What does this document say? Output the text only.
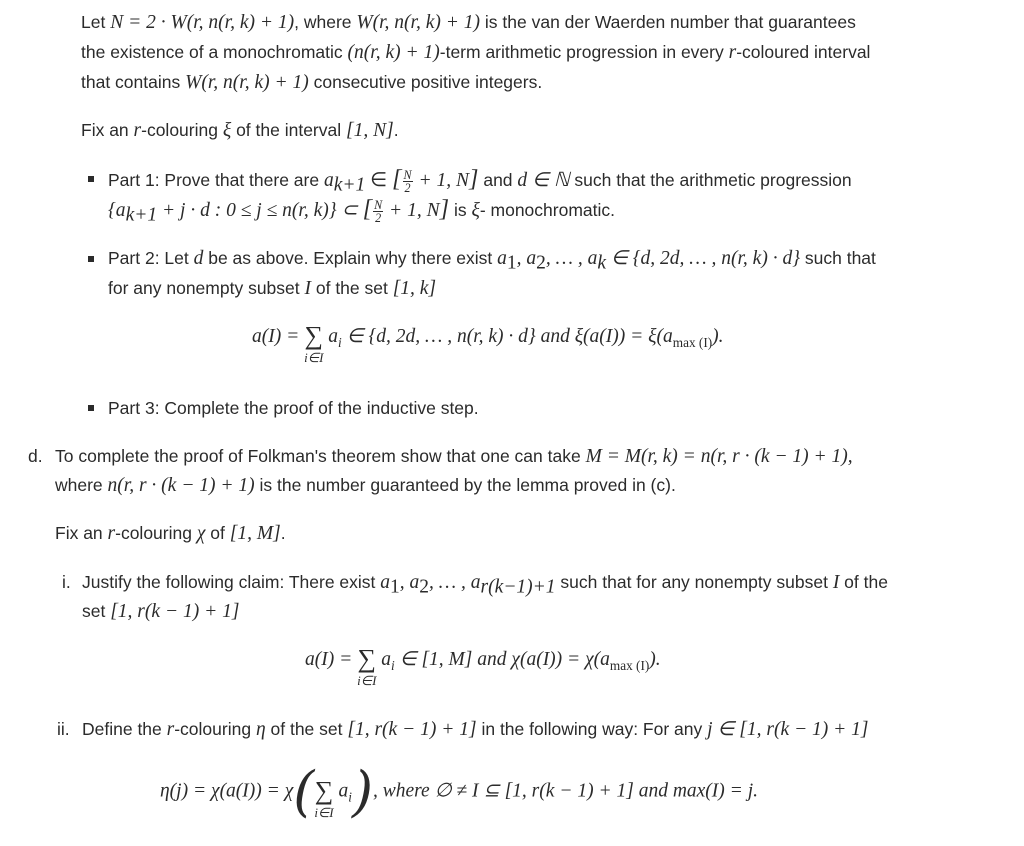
Let N = 2 · W(r, n(r, k) + 1), where W(r, n(r, k) + 1) is the van der Waerden number that guarantees
the existence of a monochromatic (n(r, k) + 1)-term arithmetic progression in every r-coloured interval
that contains W(r, n(r, k) + 1) consecutive positive integers.
Fix an r-colouring ξ of the interval [1, N].
Part 1: Prove that there are $a_{k+1}$ ∈ [ $\frac{N}{2} + 1$, N] and d ∈ ℕ such that the arithmetic progression
{$a_{k+1} + j \cdot d$ : 0 ≤ j ≤ n(r, k)} ⊂ [ $\frac{N}{2} + 1$, N] is ξ- monochromatic.
Part 2: Let d be as above. Explain why there exist $a_1$, $a_2$, … , $a_k$ ∈ {d, 2d, … , n(r, k) · d} such that
for any nonempty subset I of the set [1, k]
a(I) = ∑
i∈I
$a_i$ ∈ {d, 2d, … , n(r, k) · d} and $\xi(a(I)) = \xi(a_{max (I)})$.
Part 3: Complete the proof of the inductive step.
d. To complete the proof of Folkman's theorem show that one can take M = M(r, k) = n(r, r · (k − 1) + 1),
where n(r, r · (k − 1) + 1) is the number guaranteed by the lemma proved in (c).
Fix an r-colouring χ of [1, M].
i. Justify the following claim: There exist $a_1$, $a_2$, … , $a_{r(k-1)+1}$ such that for any nonempty subset I of the
set [1, r(k − 1) + 1]
a(I) = ∑
i∈I
$a_i$ ∈ [1, M] and $\chi(a(I)) = \chi(a_{max (I)})$.
ii. Define the r-colouring η of the set [1, r(k − 1) + 1] in the following way: For any j ∈ [1, r(k − 1) + 1]
η(j) = χ(a(I)) = χ( ∑
i∈I
$a_i$), where ∅ ≠ I ⊆ [1, r(k − 1) + 1] and max(I) = j.
